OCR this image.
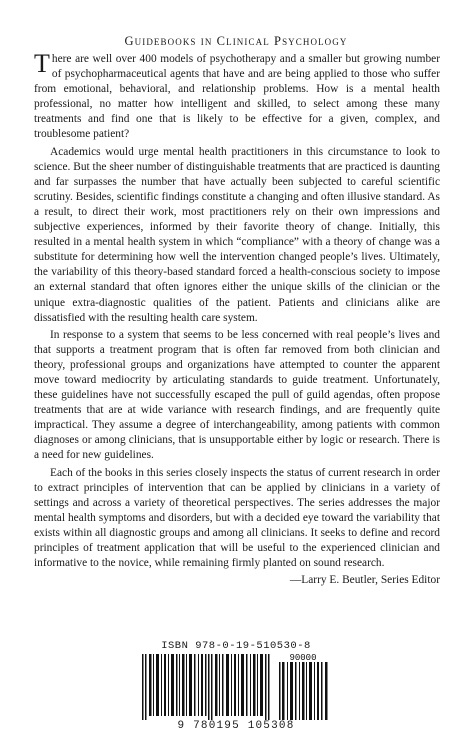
Guidebooks in Clinical Psychology

There are well over 400 models of psychotherapy and a smaller but growing number of psychopharmaceutical agents that have and are being applied to those who suffer from emotional, behavioral, and relationship problems. How is a mental health professional, no matter how intelligent and skilled, to select among these many treatments and find one that is likely to be effective for a given, complex, and troublesome patient?

Academics would urge mental health practitioners in this circumstance to look to science. But the sheer number of distinguishable treatments that are practiced is daunting and far surpasses the number that have actually been subjected to careful scientific scrutiny. Besides, scientific findings constitute a changing and often illusive standard. As a result, to direct their work, most practitioners rely on their own impressions and subjective experiences, informed by their favorite theory of change. Initially, this resulted in a mental health system in which “compliance” with a theory of change was a substitute for determining how well the intervention changed people’s lives. Ultimately, the variability of this theory-based standard forced a health-conscious society to impose an external standard that often ignores either the unique skills of the clinician or the unique extra-diagnostic qualities of the patient. Patients and clinicians alike are dissatisfied with the resulting health care system.

In response to a system that seems to be less concerned with real people’s lives and that supports a treatment program that is often far removed from both clinician and theory, professional groups and organizations have attempted to counter the apparent move toward mediocrity by articulating standards to guide treatment. Unfortunately, these guidelines have not successfully escaped the pull of guild agendas, often propose treatments that are at wide variance with research findings, and are frequently quite impractical. They assume a degree of interchangeability, among patients with common diagnoses or among clinicians, that is unsupportable either by logic or research. There is a need for new guidelines.

Each of the books in this series closely inspects the status of current research in order to extract principles of intervention that can be applied by clinicians in a variety of settings and across a variety of theoretical perspectives. The series addresses the major mental health symptoms and disorders, but with a decided eye toward the variability that exists within all diagnostic groups and among all clinicians. It seeks to define and record principles of treatment application that will be useful to the experienced clinician and informative to the novice, while remaining firmly planted on sound research.

—Larry E. Beutler, Series Editor
ISBN 978-0-19-510530-8
90000
9 780195 105308
